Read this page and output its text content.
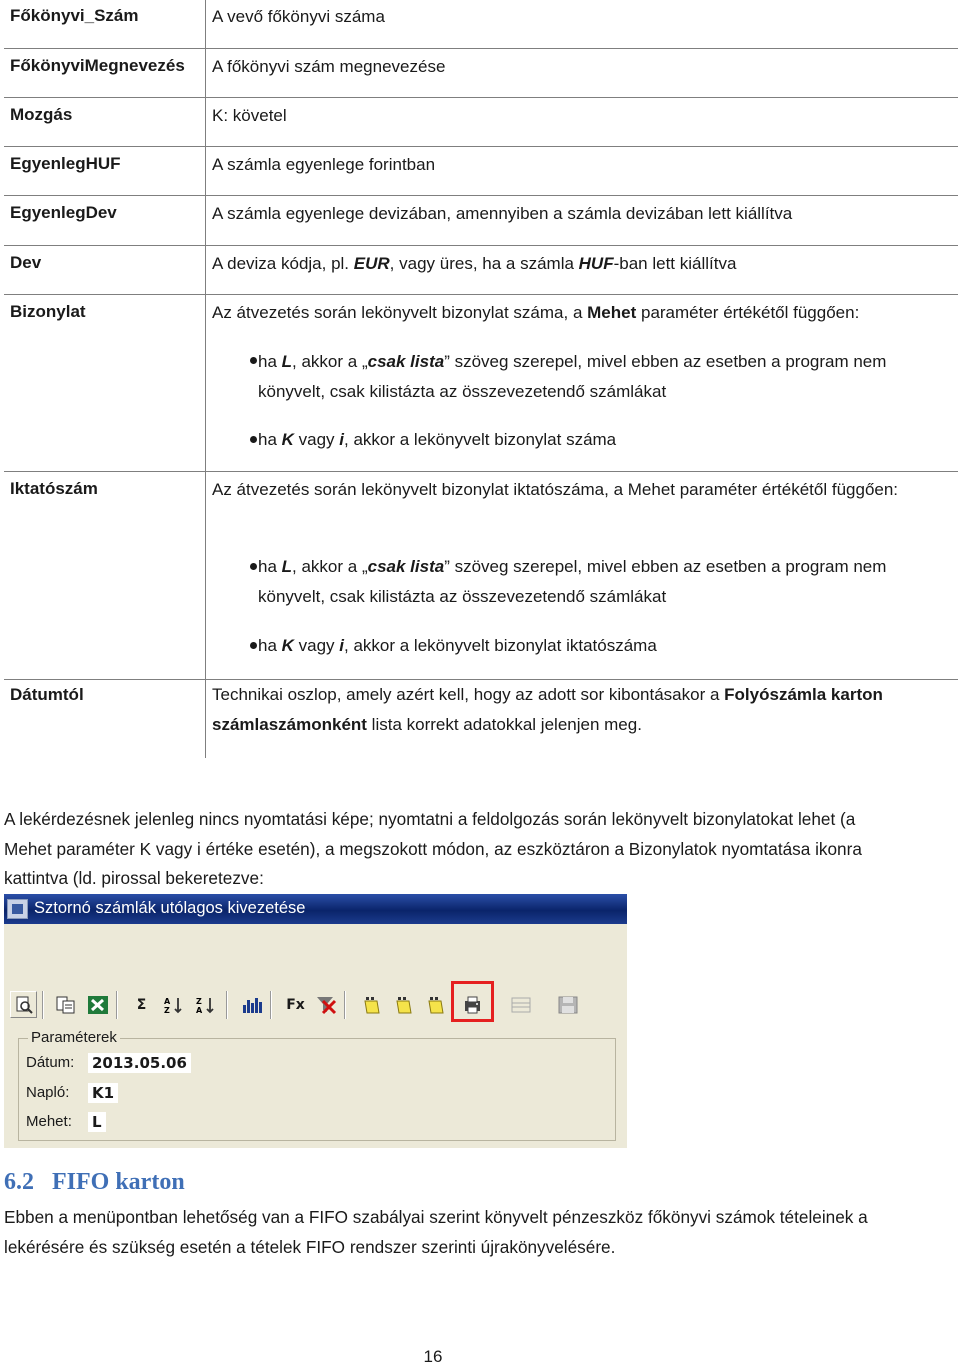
Főkönyvi_Szám	A vevő főkönyvi száma
FőkönyviMegnevezés A főkönyvi szám megnevezése
Mozgás	K: követel
EgyenlegHUF	A számla egyenlege forintban
EgyenlegDev	A számla egyenlege devizában, amennyiben a számla devizában lett kiállítva
Dev	A deviza kódja, pl. EUR, vagy üres, ha a számla HUF-ban lett kiállítva
Bizonylat	Az átvezetés során lekönyvelt bizonylat száma, a Mehet paraméter értékétől függően:
ha L, akkor a „csak lista” szöveg szerepel, mivel ebben az esetben a program nem könyvelt, csak kilistázta az összevezetendő számlákat
ha K vagy i, akkor a lekönyvelt bizonylat száma
Iktatószám	Az átvezetés során lekönyvelt bizonylat iktatószáma, a Mehet paraméter értékétől függően:
ha L, akkor a „csak lista” szöveg szerepel, mivel ebben az esetben a program nem könyvelt, csak kilistázta az összevezetendő számlákat
ha K vagy i, akkor a lekönyvelt bizonylat iktatószáma
Dátumtól	Technikai oszlop, amely azért kell, hogy az adott sor kibontásakor a Folyószámla karton számlaszámonként lista korrekt adatokkal jelenjen meg.
A lekérdezésnek jelenleg nincs nyomtatási képe; nyomtatni a feldolgozás során lekönyvelt bizonylatokat lehet (a Mehet paraméter K vagy i értéke esetén), a megszokott módon, az eszköztáron a Bizonylatok nyomtatása ikonra kattintva (ld. pirossal bekeretezve:
Sztornó számlák utólagos kivezetése
Σ	A
Z
Z
A	Fx
Paraméterek
Dátum: 2013.05.06
Napló: K1
Mehet: L
6.2 FIFO karton
Ebben a menüpontban lehetőség van a FIFO szabályai szerint könyvelt pénzeszköz főkönyvi számok tételeinek a lekérésére és szükség esetén a tételek FIFO rendszer szerinti újrakönyvelésére.
16
